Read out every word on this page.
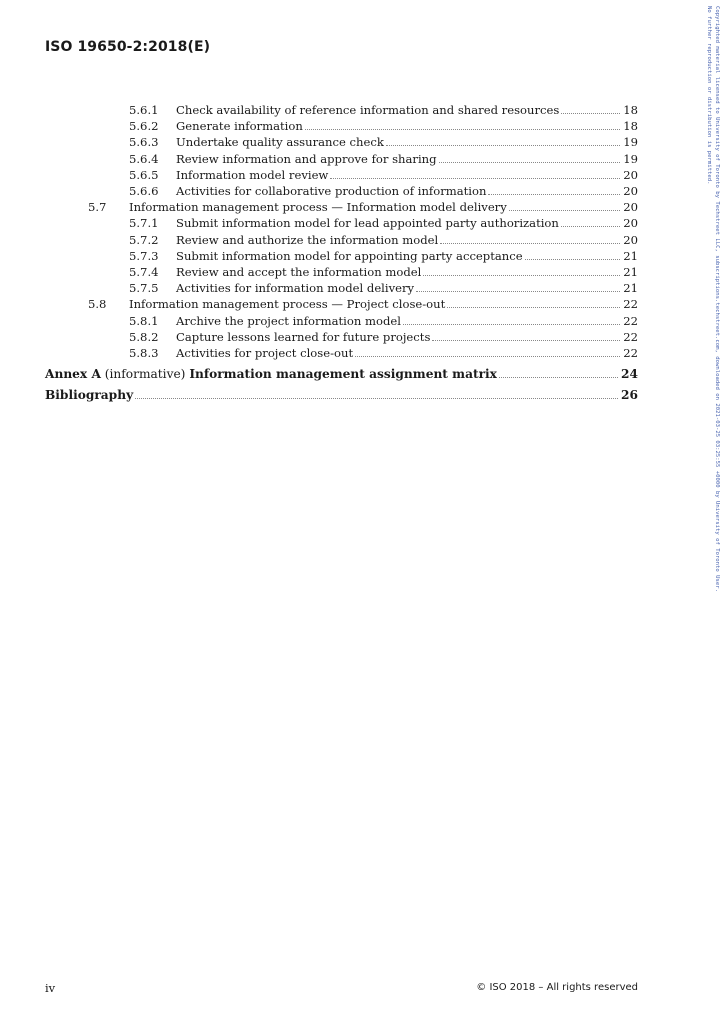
ISO 19650-2:2018(E)
5.6.1 Check availability of reference information and shared resources	18
5.6.2 Generate information	18
5.6.3 Undertake quality assurance check	19
5.6.4 Review information and approve for sharing	19
5.6.5 Information model review	20
5.6.6 Activities for collaborative production of information	20
5.7 Information management process — Information model delivery	20
5.7.1 Submit information model for lead appointed party authorization	20
5.7.2 Review and authorize the information model	20
5.7.3 Submit information model for appointing party acceptance	21
5.7.4 Review and accept the information model	21
5.7.5 Activities for information model delivery	21
5.8 Information management process — Project close-out	22
5.8.1 Archive the project information model	22
5.8.2 Capture lessons learned for future projects	22
5.8.3 Activities for project close-out	22
Annex A (informative) Information management assignment matrix	24
Bibliography	26
iv	© ISO 2018 – All rights reserved
Copyrighted material licensed to University of Toronto by Techstreet LLC, subscriptions.techstreet.com, downloaded on 2021-03-25 03:25:55 +0000 by University of Toronto User.
No further reproduction or distribution is permitted.
